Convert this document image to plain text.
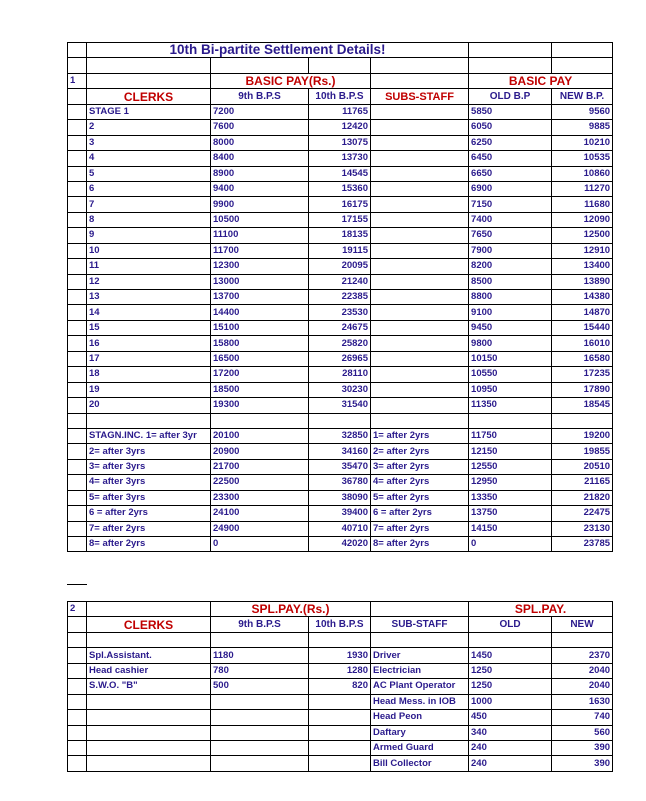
	10th Bi-partite Settlement Details!					

1		BASIC PAY(Rs.)			BASIC PAY	
	CLERKS	9th B.P.S	10th B.P.S	SUBS-STAFF	OLD B.P	NEW B.P.
	STAGE 1	7200	11765		5850	9560
	2	7600	12420		6050	9885
	3	8000	13075		6250	10210
	4	8400	13730		6450	10535
	5	8900	14545		6650	10860
	6	9400	15360		6900	11270
	7	9900	16175		7150	11680
	8	10500	17155		7400	12090
	9	11100	18135		7650	12500
	10	11700	19115		7900	12910
	11	12300	20095		8200	13400
	12	13000	21240		8500	13890
	13	13700	22385		8800	14380
	14	14400	23530		9100	14870
	15	15100	24675		9450	15440
	16	15800	25820		9800	16010
	17	16500	26965		10150	16580
	18	17200	28110		10550	17235
	19	18500	30230		10950	17890
	20	19300	31540		11350	18545

	STAGN.INC. 1= after 3yr	20100	32850	1= after 2yrs	11750	19200
	2= after 3yrs	20900	34160	2= after 2yrs	12150	19855
	3= after 3yrs	21700	35470	3= after 2yrs	12550	20510
	4= after 3yrs	22500	36780	4= after 2yrs	12950	21165
	5= after 3yrs	23300	38090	5= after 2yrs	13350	21820
	6 = after 2yrs	24100	39400	6 = after 2yrs	13750	22475
	7= after 2yrs	24900	40710	7= after 2yrs	14150	23130
	8= after 2yrs	0	42020	8= after 2yrs	0	23785
2		SPL.PAY.(Rs.)			SPL.PAY.	
	CLERKS	9th B.P.S	10th B.P.S	SUB-STAFF	OLD	NEW

	Spl.Assistant.	1180	1930	Driver	1450	2370
	Head cashier	780	1280	Electrician	1250	2040
	S.W.O. "B"	500	820	AC Plant Operator	1250	2040
				Head Mess. in IOB	1000	1630
				Head Peon	450	740
				Daftary	340	560
				Armed Guard	240	390
				Bill Collector	240	390
